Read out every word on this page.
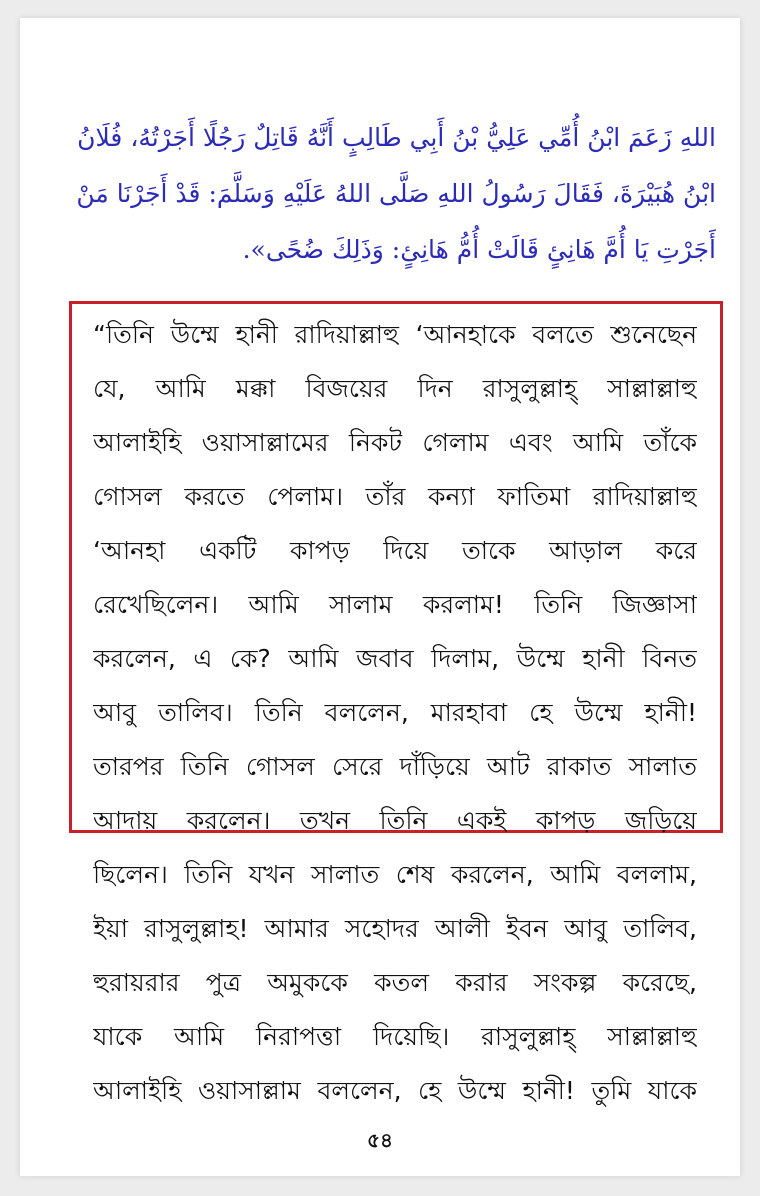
اللهِ زَعَمَ ابْنُ أُمِّي عَلِيُّ بْنُ أَبِي طَالِبٍ أَنَّهُ قَاتِلٌ رَجُلًا أَجَرْتُهُ، فُلَانُ
ابْنُ هُبَيْرَةَ، فَقَالَ رَسُولُ اللهِ صَلَّى اللهُ عَلَيْهِ وَسَلَّمَ: قَدْ أَجَرْنَا مَنْ
أَجَرْتِ يَا أُمَّ هَانِئٍ قَالَتْ أُمُّ هَانِئٍ: وَذَلِكَ ضُحًى».
“তিনি উম্মে হানী রাদিয়াল্লাহু ‘আনহাকে বলতে শুনেছেন
যে, আমি মক্কা বিজয়ের দিন রাসুলুল্লাহ্ সাল্লাল্লাহু
আলাইহি ওয়াসাল্লামের নিকট গেলাম এবং আমি তাঁকে
গোসল করতে পেলাম। তাঁর কন্যা ফাতিমা রাদিয়াল্লাহু
‘আনহা একটি কাপড় দিয়ে তাকে আড়াল করে
রেখেছিলেন। আমি সালাম করলাম! তিনি জিজ্ঞাসা
করলেন, এ কে? আমি জবাব দিলাম, উম্মে হানী বিনত
আবু তালিব। তিনি বললেন, মারহাবা হে উম্মে হানী!
তারপর তিনি গোসল সেরে দাঁড়িয়ে আট রাকাত সালাত
আদায় করলেন। তখন তিনি একই কাপড় জড়িয়ে
ছিলেন। তিনি যখন সালাত শেষ করলেন, আমি বললাম,
ইয়া রাসুলুল্লাহ! আমার সহোদর আলী ইবন আবু তালিব,
হুরায়রার পুত্র অমুককে কতল করার সংকল্প করেছে,
যাকে আমি নিরাপত্তা দিয়েছি। রাসুলুল্লাহ্ সাল্লাল্লাহু
আলাইহি ওয়াসাল্লাম বললেন, হে উম্মে হানী! তুমি যাকে
৫৪
